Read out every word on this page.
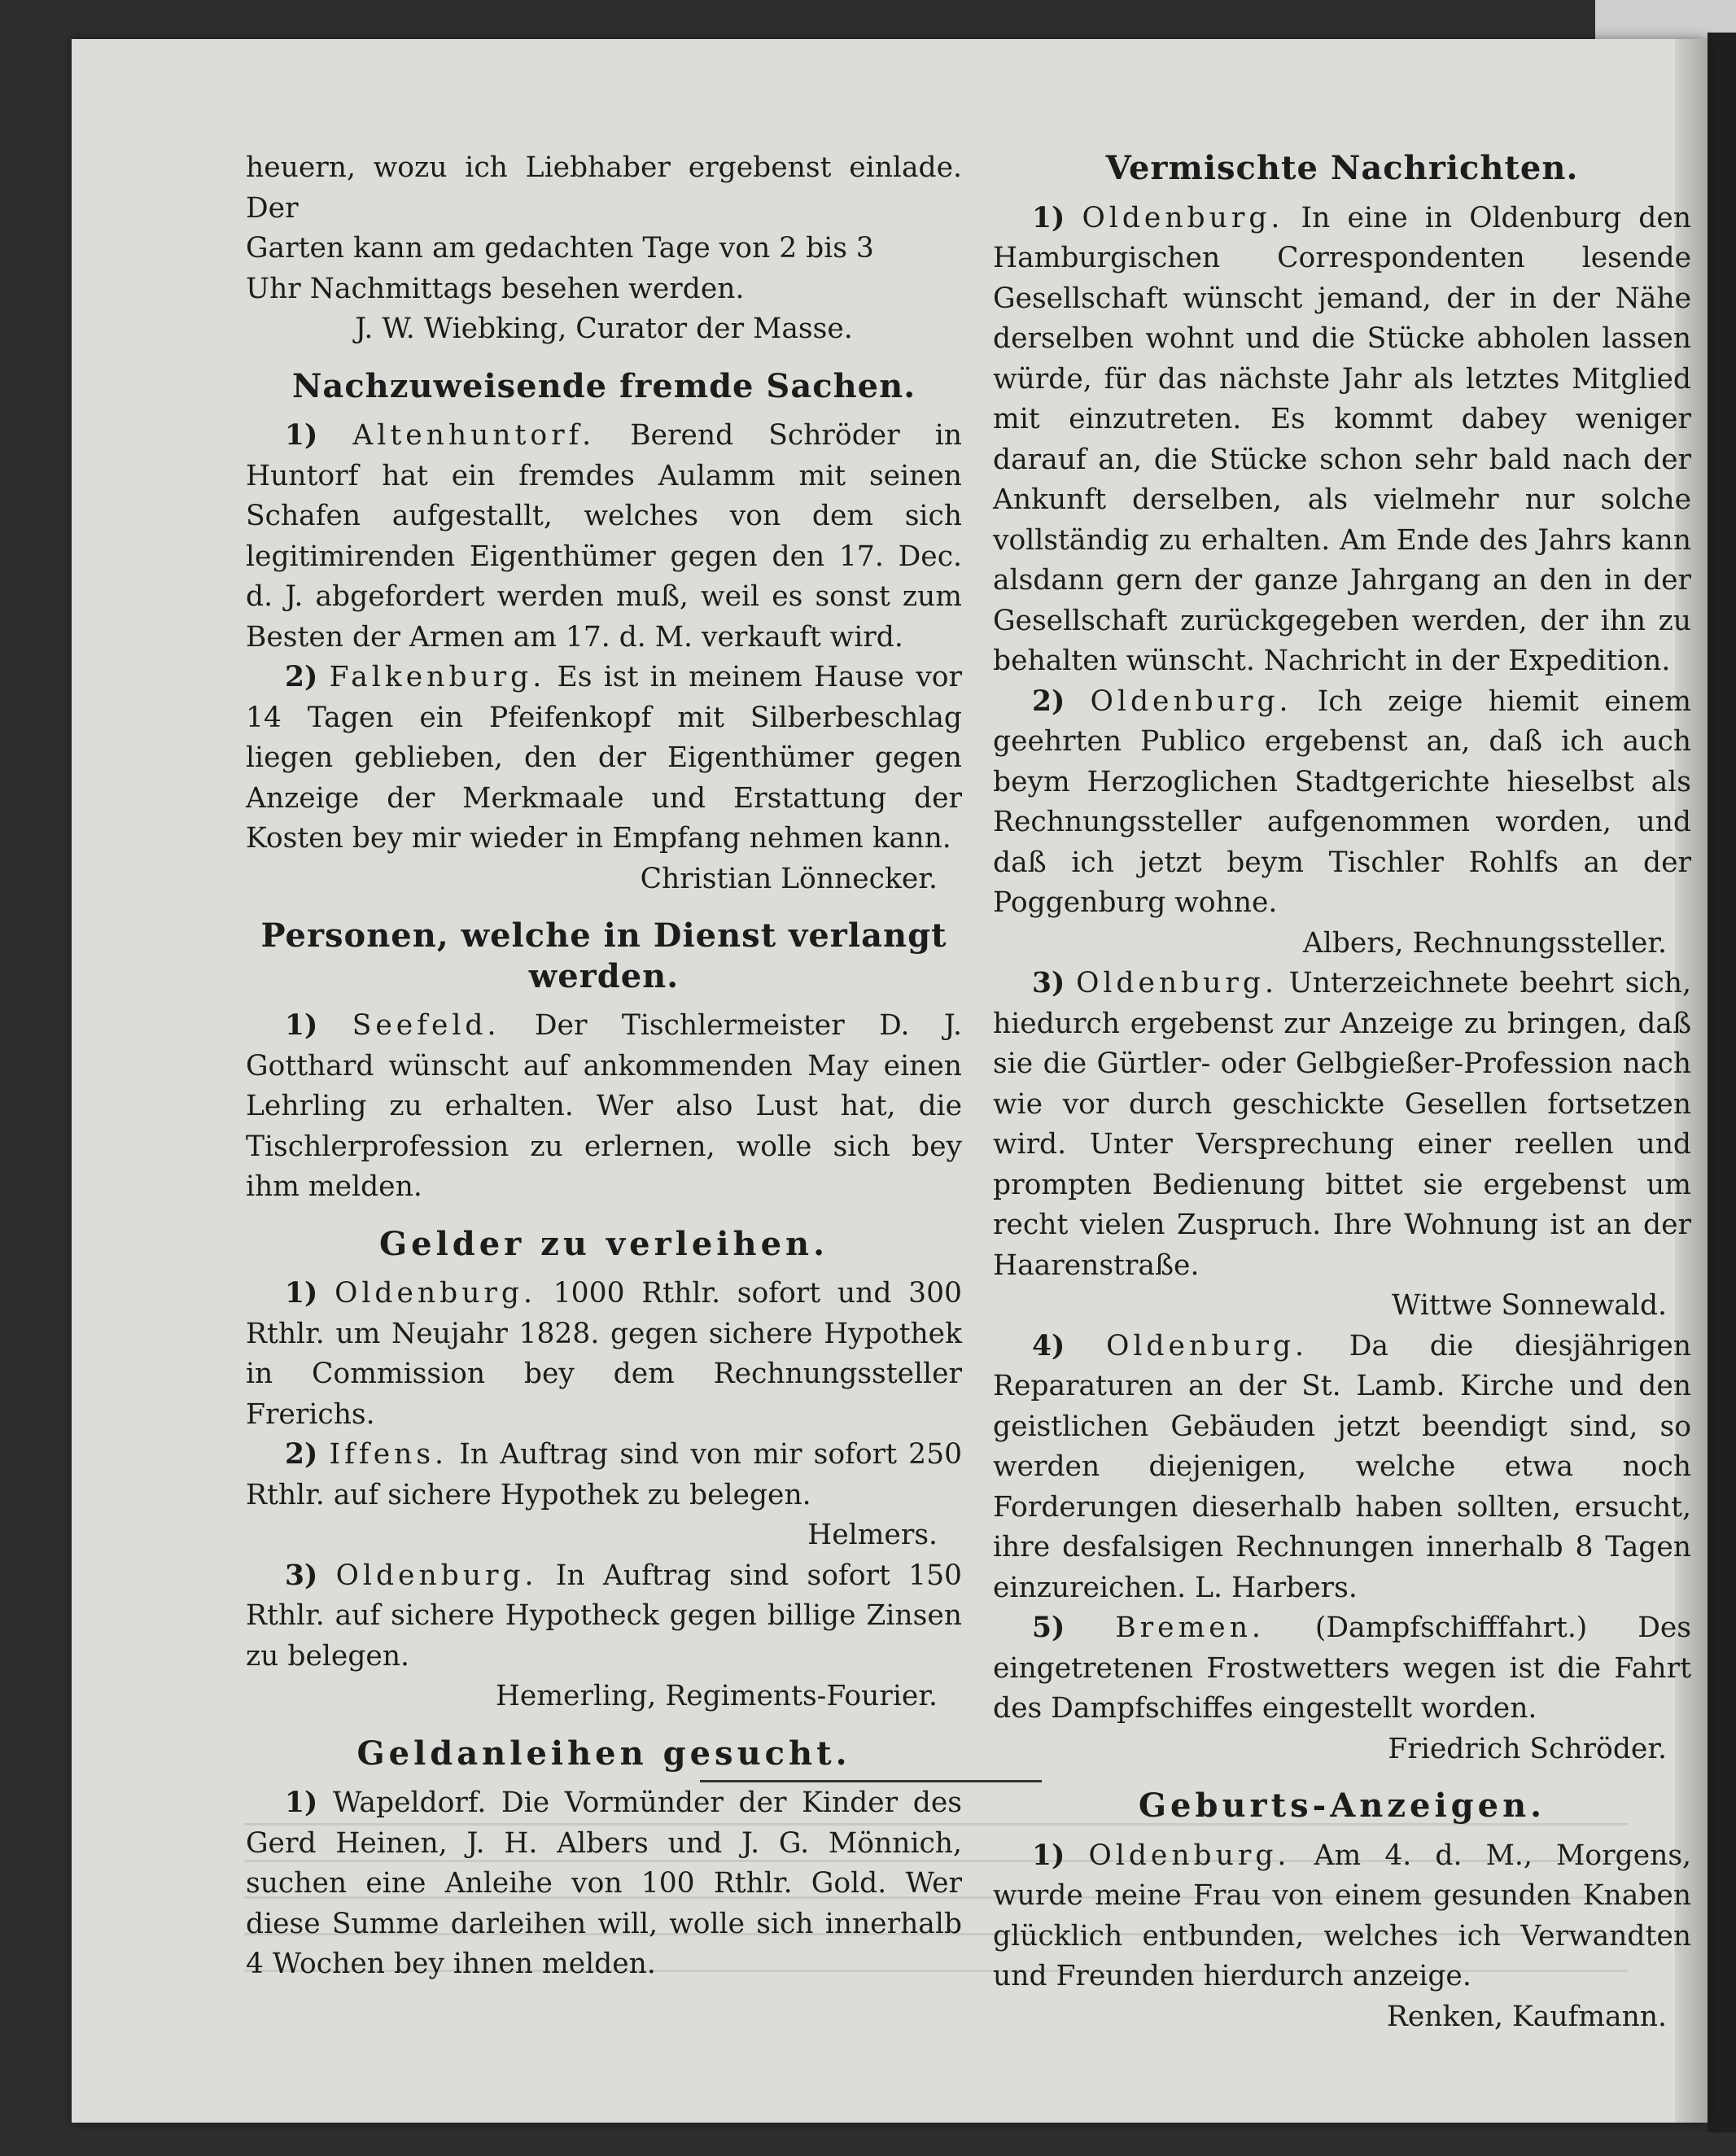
heuern, wozu ich Liebhaber ergebenst einlade. Der

Garten kann am gedachten Tage von 2 bis 3

Uhr Nachmittags besehen werden.

J. W. Wiebking, Curator der Masse.

Nachzuweisende fremde Sachen.

1) Altenhuntorf. Berend Schröder in Huntorf hat ein fremdes Aulamm mit seinen Schafen aufgestallt, welches von dem sich legitimirenden Eigenthümer gegen den 17. Dec. d. J. abgefordert werden muß, weil es sonst zum Besten der Armen am 17. d. M. verkauft wird.

2) Falkenburg. Es ist in meinem Hause vor 14 Tagen ein Pfeifenkopf mit Silberbeschlag liegen geblieben, den der Eigenthümer gegen Anzeige der Merkmaale und Erstattung der Kosten bey mir wieder in Empfang nehmen kann.

Christian Lönnecker.

Personen, welche in Dienst verlangt werden.

1) Seefeld. Der Tischlermeister D. J. Gotthard wünscht auf ankommenden May einen Lehrling zu erhalten. Wer also Lust hat, die Tischlerprofession zu erlernen, wolle sich bey ihm melden.

Gelder zu verleihen.

1) Oldenburg. 1000 Rthlr. sofort und 300 Rthlr. um Neujahr 1828. gegen sichere Hypothek in Commission bey dem Rechnungssteller Frerichs.

2) Iffens. In Auftrag sind von mir sofort 250 Rthlr. auf sichere Hypothek zu belegen.

Helmers.

3) Oldenburg. In Auftrag sind sofort 150 Rthlr. auf sichere Hypotheck gegen billige Zinsen zu belegen.

Hemerling, Regiments-Fourier.

Geldanleihen gesucht.

1) Wapeldorf. Die Vormünder der Kinder des Gerd Heinen, J. H. Albers und J. G. Mönnich, suchen eine Anleihe von 100 Rthlr. Gold. Wer diese Summe darleihen will, wolle sich innerhalb 4 Wochen bey ihnen melden.

Vermischte Nachrichten.

1) Oldenburg. In eine in Oldenburg den Hamburgischen Correspondenten lesende Gesellschaft wünscht jemand, der in der Nähe derselben wohnt und die Stücke abholen lassen würde, für das nächste Jahr als letztes Mitglied mit einzutreten. Es kommt dabey weniger darauf an, die Stücke schon sehr bald nach der Ankunft derselben, als vielmehr nur solche vollständig zu erhalten. Am Ende des Jahrs kann alsdann gern der ganze Jahrgang an den in der Gesellschaft zurückgegeben werden, der ihn zu behalten wünscht. Nachricht in der Expedition.

2) Oldenburg. Ich zeige hiemit einem geehrten Publico ergebenst an, daß ich auch beym Herzoglichen Stadtgerichte hieselbst als Rechnungssteller aufgenommen worden, und daß ich jetzt beym Tischler Rohlfs an der Poggenburg wohne.

Albers, Rechnungssteller.

3) Oldenburg. Unterzeichnete beehrt sich, hiedurch ergebenst zur Anzeige zu bringen, daß sie die Gürtler- oder Gelbgießer-Profession nach wie vor durch geschickte Gesellen fortsetzen wird. Unter Versprechung einer reellen und prompten Bedienung bittet sie ergebenst um recht vielen Zuspruch. Ihre Wohnung ist an der Haarenstraße.

Wittwe Sonnewald.

4) Oldenburg. Da die diesjährigen Reparaturen an der St. Lamb. Kirche und den geistlichen Gebäuden jetzt beendigt sind, so werden diejenigen, welche etwa noch Forderungen dieserhalb haben sollten, ersucht, ihre desfalsigen Rechnungen innerhalb 8 Tagen einzureichen. L. Harbers.

5) Bremen. (Dampfschifffahrt.) Des eingetretenen Frostwetters wegen ist die Fahrt des Dampfschiffes eingestellt worden.

Friedrich Schröder.

Geburts-Anzeigen.

1) Oldenburg. Am 4. d. M., Morgens, wurde meine Frau von einem gesunden Knaben glücklich entbunden, welches ich Verwandten und Freunden hierdurch anzeige.

Renken, Kaufmann.
